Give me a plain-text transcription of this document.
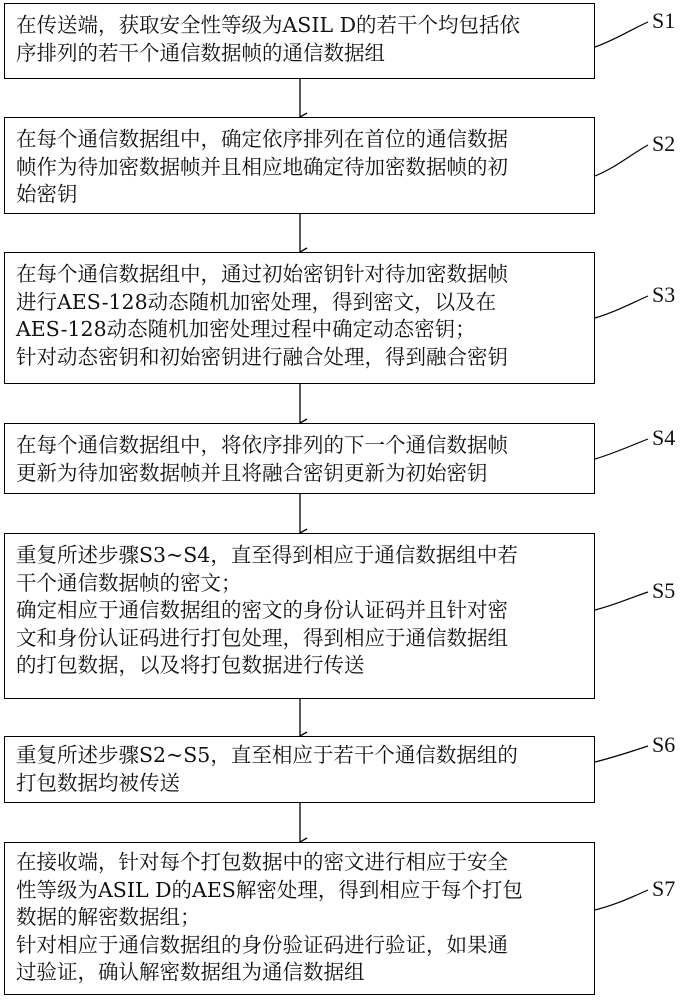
在传送端，获取安全性等级为ASIL D的若干个均包括依
序排列的若干个通信数据帧的通信数据组
S1
在每个通信数据组中，确定依序排列在首位的通信数据
帧作为待加密数据帧并且相应地确定待加密数据帧的初
始密钥
S2
在每个通信数据组中，通过初始密钥针对待加密数据帧
进行AES-128动态随机加密处理，得到密文，以及在
AES-128动态随机加密处理过程中确定动态密钥；
针对动态密钥和初始密钥进行融合处理，得到融合密钥
S3
在每个通信数据组中，将依序排列的下一个通信数据帧
更新为待加密数据帧并且将融合密钥更新为初始密钥
S4
重复所述步骤S3~S4，直至得到相应于通信数据组中若
干个通信数据帧的密文；
确定相应于通信数据组的密文的身份认证码并且针对密
文和身份认证码进行打包处理，得到相应于通信数据组
的打包数据，以及将打包数据进行传送
S5
重复所述步骤S2~S5，直至相应于若干个通信数据组的
打包数据均被传送
S6
在接收端，针对每个打包数据中的密文进行相应于安全
性等级为ASIL D的AES解密处理，得到相应于每个打包
数据的解密数据组；
针对相应于通信数据组的身份验证码进行验证，如果通
过验证，确认解密数据组为通信数据组
S7
